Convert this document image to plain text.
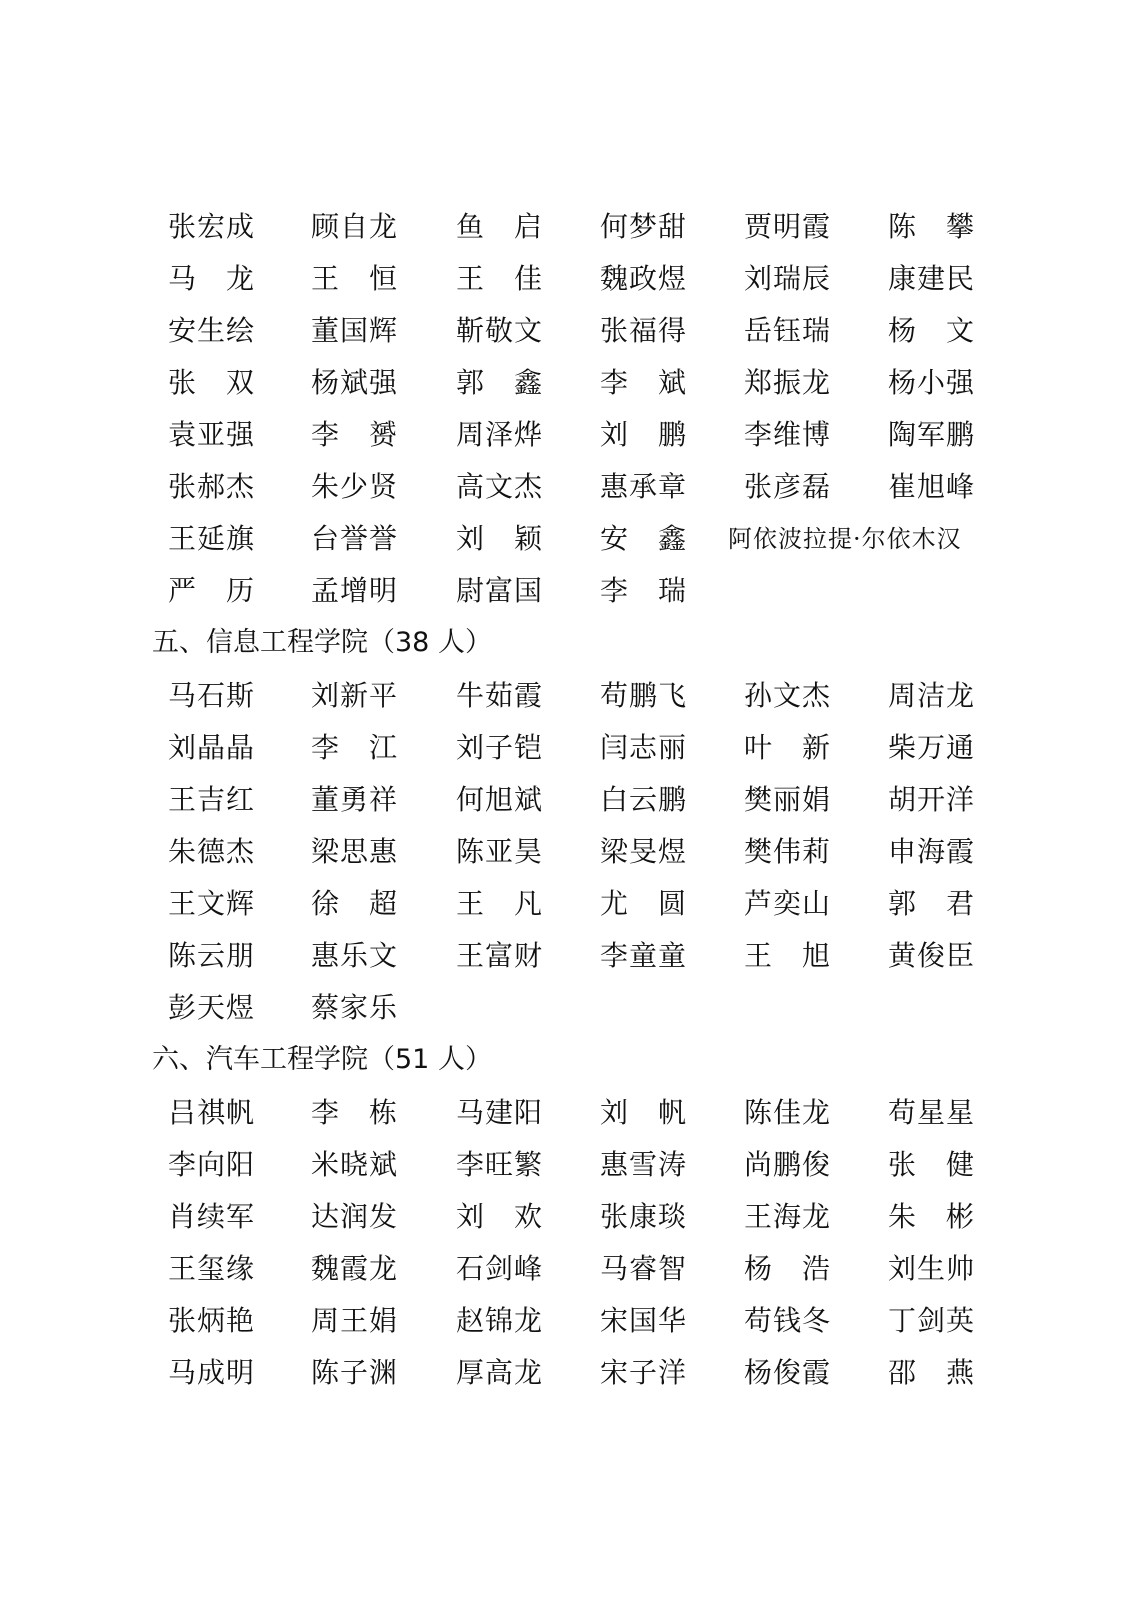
张 宏 成 顾 自 龙 鱼 启 何 梦 甜 贾 明 霞 陈 攀
马 龙 王 恒 王 佳 魏 政 煜 刘 瑞 辰 康 建 民
安 生 绘 董 国 辉 靳 敬 文 张 福 得 岳 钰 瑞 杨 文
张 双 杨 斌 强 郭 鑫 李 斌 郑 振 龙 杨 小 强
袁 亚 强 李 赟 周 泽 烨 刘 鹏 李 维 博 陶 军 鹏
张 郝 杰 朱 少 贤 高 文 杰 惠 承 章 张 彦 磊 崔 旭 峰
王 延 旗 台 誉 誉 刘 颖 安 鑫 阿依波拉提·尔依木汉
严 历 孟 增 明 尉 富 国 李 瑞
五、信息工程学院（38 人）
马 石 斯 刘 新 平 牛 茹 霞 苟 鹏 飞 孙 文 杰 周 洁 龙
刘 晶 晶 李 江 刘 子 铠 闫 志 丽 叶 新 柴 万 通
王 吉 红 董 勇 祥 何 旭 斌 白 云 鹏 樊 丽 娟 胡 开 洋
朱 德 杰 梁 思 惠 陈 亚 昊 梁 旻 煜 樊 伟 莉 申 海 霞
王 文 辉 徐 超 王 凡 尤 圆 芦 奕 山 郭 君
陈 云 朋 惠 乐 文 王 富 财 李 童 童 王 旭 黄 俊 臣
彭 天 煜 蔡 家 乐
六、汽车工程学院（51 人）
吕 祺 帆 李 栋 马 建 阳 刘 帆 陈 佳 龙 苟 星 星
李 向 阳 米 晓 斌 李 旺 繁 惠 雪 涛 尚 鹏 俊 张 健
肖 续 军 达 润 发 刘 欢 张 康 琰 王 海 龙 朱 彬
王 玺 缘 魏 霞 龙 石 剑 峰 马 睿 智 杨 浩 刘 生 帅
张 炳 艳 周 王 娟 赵 锦 龙 宋 国 华 苟 钱 冬 丁 剑 英
马 成 明 陈 子 渊 厚 高 龙 宋 子 洋 杨 俊 霞 邵 燕
